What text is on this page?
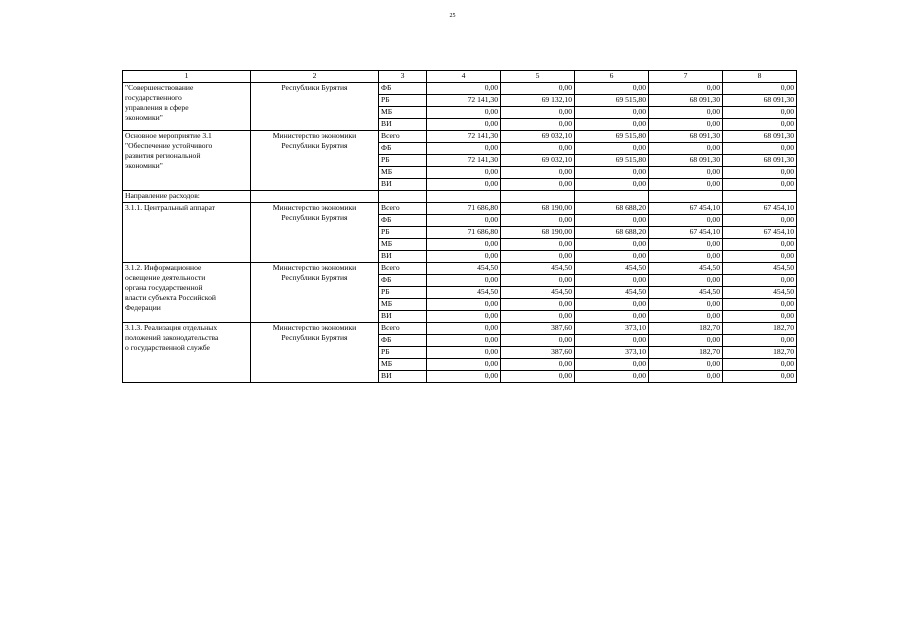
25
1	2	3	4	5	6	7	8

"Совершенствование
государственного
управления в сфере
экономики"	Республики Бурятия	ФБ	0,00	0,00	0,00	0,00	0,00
		РБ	72 141,30	69 132,10	69 515,80	68 091,30	68 091,30
		МБ	0,00	0,00	0,00	0,00	0,00
		ВИ	0,00	0,00	0,00	0,00	0,00

Основное мероприятие 3.1
"Обеспечение устойчивого
развития региональной
экономики"	Министерство экономики
Республики Бурятия	Всего	72 141,30	69 032,10	69 515,80	68 091,30	68 091,30
		ФБ	0,00	0,00	0,00	0,00	0,00
		РБ	72 141,30	69 032,10	69 515,80	68 091,30	68 091,30
		МБ	0,00	0,00	0,00	0,00	0,00
		ВИ	0,00	0,00	0,00	0,00	0,00
Направление расходов:							

3.1.1. Центральный аппарат	Министерство экономики
Республики Бурятия	Всего	71 686,80	68 190,00	68 688,20	67 454,10	67 454,10
		ФБ	0,00	0,00	0,00	0,00	0,00
		РБ	71 686,80	68 190,00	68 688,20	67 454,10	67 454,10
		МБ	0,00	0,00	0,00	0,00	0,00
		ВИ	0,00	0,00	0,00	0,00	0,00

3.1.2. Информационное
освещение деятельности
органа государственной
власти субъекта Российской
Федерации	Министерство экономики
Республики Бурятия	Всего	454,50	454,50	454,50	454,50	454,50
		ФБ	0,00	0,00	0,00	0,00	0,00
		РБ	454,50	454,50	454,50	454,50	454,50
		МБ	0,00	0,00	0,00	0,00	0,00
		ВИ	0,00	0,00	0,00	0,00	0,00

3.1.3. Реализация отдельных
положений законодательства
о государственной службе	Министерство экономики
Республики Бурятия	Всего	0,00	387,60	373,10	182,70	182,70
		ФБ	0,00	0,00	0,00	0,00	0,00
		РБ	0,00	387,60	373,10	182,70	182,70
		МБ	0,00	0,00	0,00	0,00	0,00
		ВИ	0,00	0,00	0,00	0,00	0,00
